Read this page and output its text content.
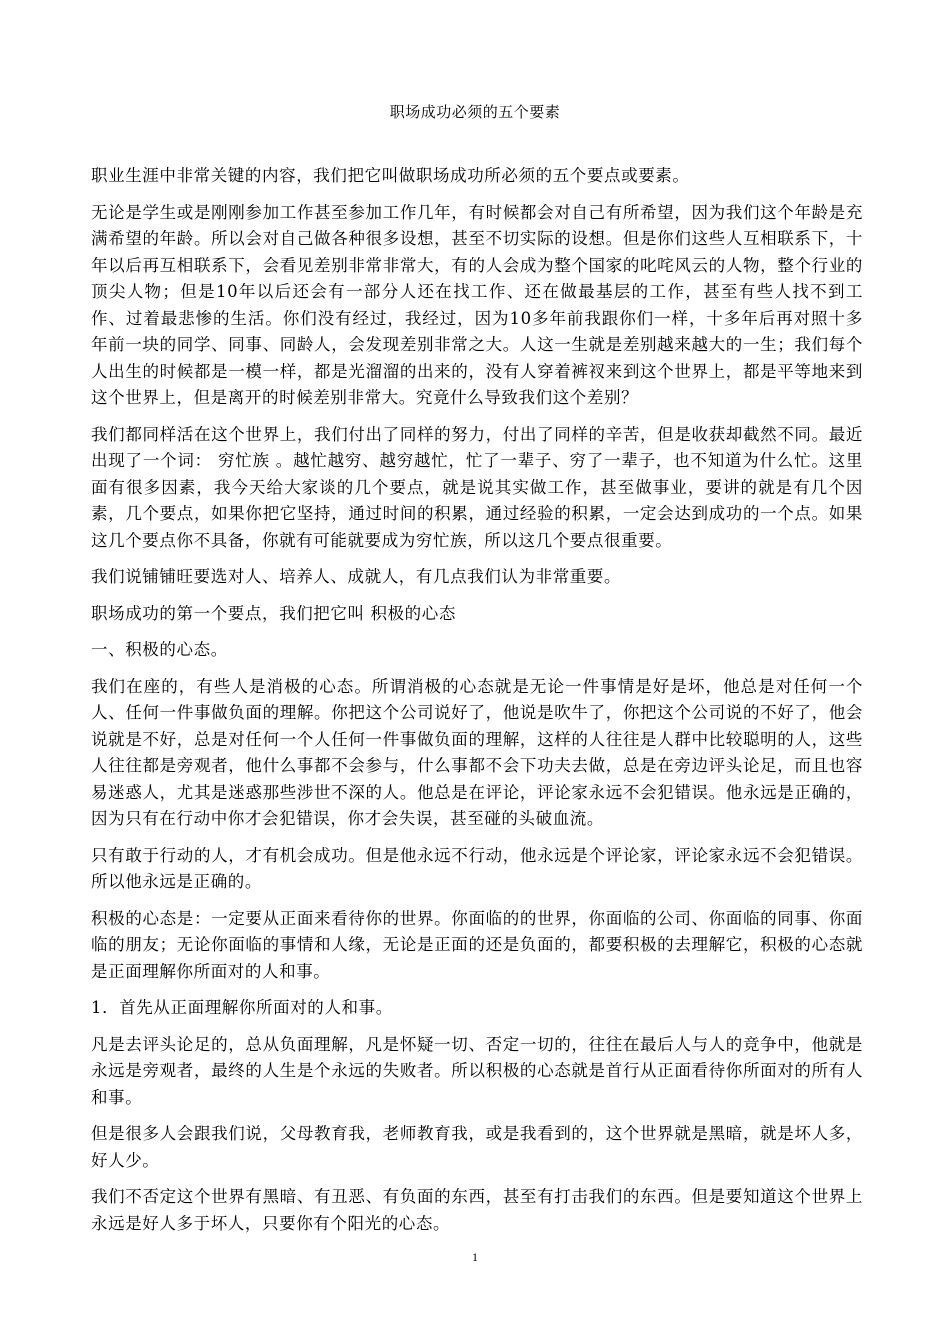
职场成功必须的五个要素

职业生涯中非常关键的内容，我们把它叫做职场成功所必须的五个要点或要素。

无论是学生或是刚刚参加工作甚至参加工作几年，有时候都会对自己有所希望，因为我们这个年龄是充满希望的年龄。所以会对自己做各种很多设想，甚至不切实际的设想。但是你们这些人互相联系下，十年以后再互相联系下，会看见差别非常非常大，有的人会成为整个国家的叱咤风云的人物，整个行业的顶尖人物；但是10年以后还会有一部分人还在找工作、还在做最基层的工作，甚至有些人找不到工作、过着最悲惨的生活。你们没有经过，我经过，因为10多年前我跟你们一样，十多年后再对照十多年前一块的同学、同事、同龄人，会发现差别非常之大。人这一生就是差别越来越大的一生；我们每个人出生的时候都是一模一样，都是光溜溜的出来的，没有人穿着裤衩来到这个世界上，都是平等地来到这个世界上，但是离开的时候差别非常大。究竟什么导致我们这个差别？

我们都同样活在这个世界上，我们付出了同样的努力，付出了同样的辛苦，但是收获却截然不同。最近出现了一个词： 穷忙族 。越忙越穷、越穷越忙，忙了一辈子、穷了一辈子，也不知道为什么忙。这里面有很多因素，我今天给大家谈的几个要点，就是说其实做工作，甚至做事业，要讲的就是有几个因素，几个要点，如果你把它坚持，通过时间的积累，通过经验的积累，一定会达到成功的一个点。如果这几个要点你不具备，你就有可能就要成为穷忙族，所以这几个要点很重要。

我们说铺铺旺要选对人、培养人、成就人，有几点我们认为非常重要。

职场成功的第一个要点，我们把它叫 积极的心态

一、积极的心态。

我们在座的，有些人是消极的心态。所谓消极的心态就是无论一件事情是好是坏，他总是对任何一个人、任何一件事做负面的理解。你把这个公司说好了，他说是吹牛了，你把这个公司说的不好了，他会说就是不好，总是对任何一个人任何一件事做负面的理解，这样的人往往是人群中比较聪明的人，这些人往往都是旁观者，他什么事都不会参与，什么事都不会下功夫去做，总是在旁边评头论足，而且也容易迷惑人，尤其是迷惑那些涉世不深的人。他总是在评论，评论家永远不会犯错误。他永远是正确的，因为只有在行动中你才会犯错误，你才会失误，甚至碰的头破血流。

只有敢于行动的人，才有机会成功。但是他永远不行动，他永远是个评论家，评论家永远不会犯错误。所以他永远是正确的。

积极的心态是：一定要从正面来看待你的世界。你面临的的世界，你面临的公司、你面临的同事、你面临的朋友；无论你面临的事情和人缘，无论是正面的还是负面的，都要积极的去理解它，积极的心态就是正面理解你所面对的人和事。

1．首先从正面理解你所面对的人和事。

凡是去评头论足的，总从负面理解，凡是怀疑一切、否定一切的，往往在最后人与人的竞争中，他就是永远是旁观者，最终的人生是个永远的失败者。所以积极的心态就是首行从正面看待你所面对的所有人和事。

但是很多人会跟我们说，父母教育我，老师教育我，或是我看到的，这个世界就是黑暗，就是坏人多，好人少。

我们不否定这个世界有黑暗、有丑恶、有负面的东西，甚至有打击我们的东西。但是要知道这个世界上永远是好人多于坏人，只要你有个阳光的心态。

1
